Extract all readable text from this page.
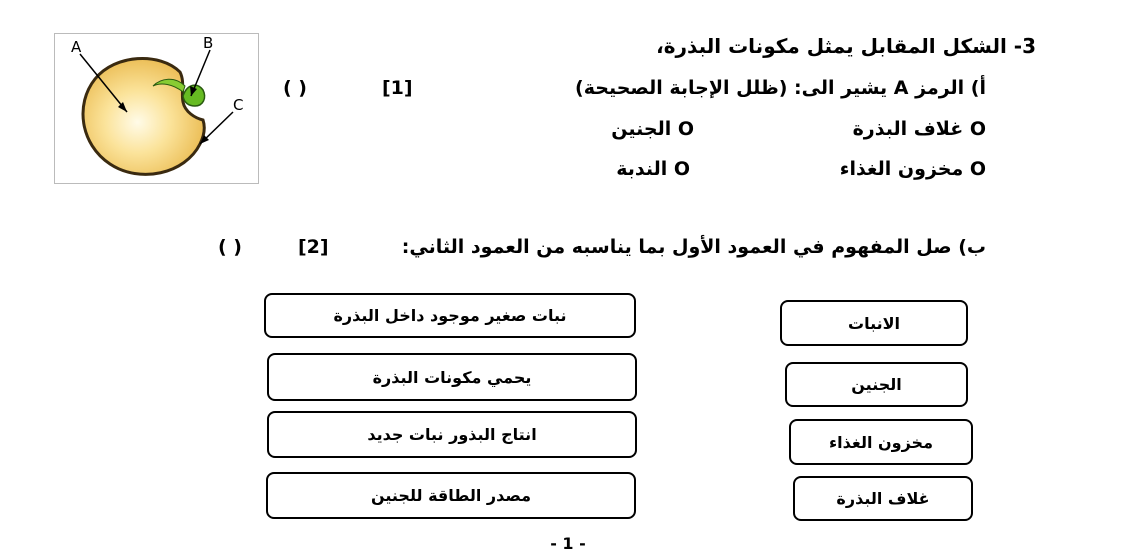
3- الشكل المقابل يمثل مكونات البذرة،
أ) الرمز A يشير الى: (ظلل الإجابة الصحيحة)
[1]
( )
O غلاف البذرة
O الجنين
O مخزون الغذاء
O الندبة
A	B
C
ب) صل المفهوم في العمود الأول بما يناسبه من العمود الثاني:
[2]
( )
الانبات
الجنين
مخزون الغذاء
غلاف البذرة
نبات صغير موجود داخل البذرة
يحمي مكونات البذرة
انتاج البذور نبات جديد
مصدر الطاقة للجنين
- 1 -
